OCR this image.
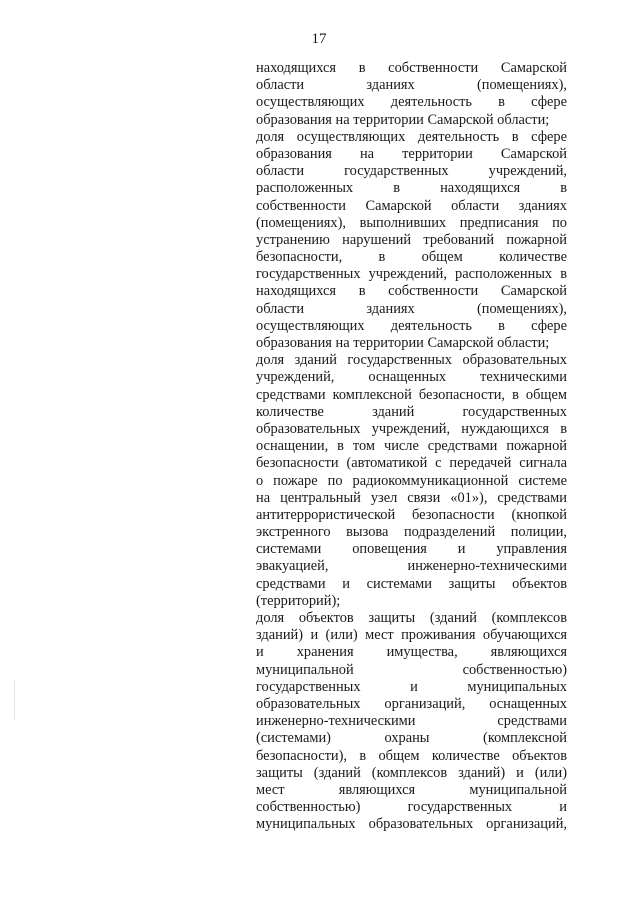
17
находящихся в собственности Самарской
области зданиях (помещениях),
осуществляющих деятельность в сфере
образования на территории Самарской области;
доля осуществляющих деятельность в сфере
образования на территории Самарской
области государственных учреждений,
расположенных в находящихся в
собственности Самарской области зданиях
(помещениях), выполнивших предписания по
устранению нарушений требований пожарной
безопасности, в общем количестве
государственных учреждений, расположенных в
находящихся в собственности Самарской
области зданиях (помещениях),
осуществляющих деятельность в сфере
образования на территории Самарской области;
доля зданий государственных образовательных
учреждений, оснащенных техническими
средствами комплексной безопасности, в общем
количестве зданий государственных
образовательных учреждений, нуждающихся в
оснащении, в том числе средствами пожарной
безопасности (автоматикой с передачей сигнала
о пожаре по радиокоммуникационной системе
на центральный узел связи «01»), средствами
антитеррористической безопасности (кнопкой
экстренного вызова подразделений полиции,
системами оповещения и управления
эвакуацией, инженерно-техническими
средствами и системами защиты объектов
(территорий);
доля объектов защиты (зданий (комплексов
зданий) и (или) мест проживания обучающихся
и хранения имущества, являющихся
муниципальной собственностью)
государственных и муниципальных
образовательных организаций, оснащенных
инженерно-техническими средствами
(системами) охраны (комплексной
безопасности), в общем количестве объектов
защиты (зданий (комплексов зданий) и (или)
мест являющихся муниципальной
собственностью) государственных и
муниципальных образовательных организаций,
